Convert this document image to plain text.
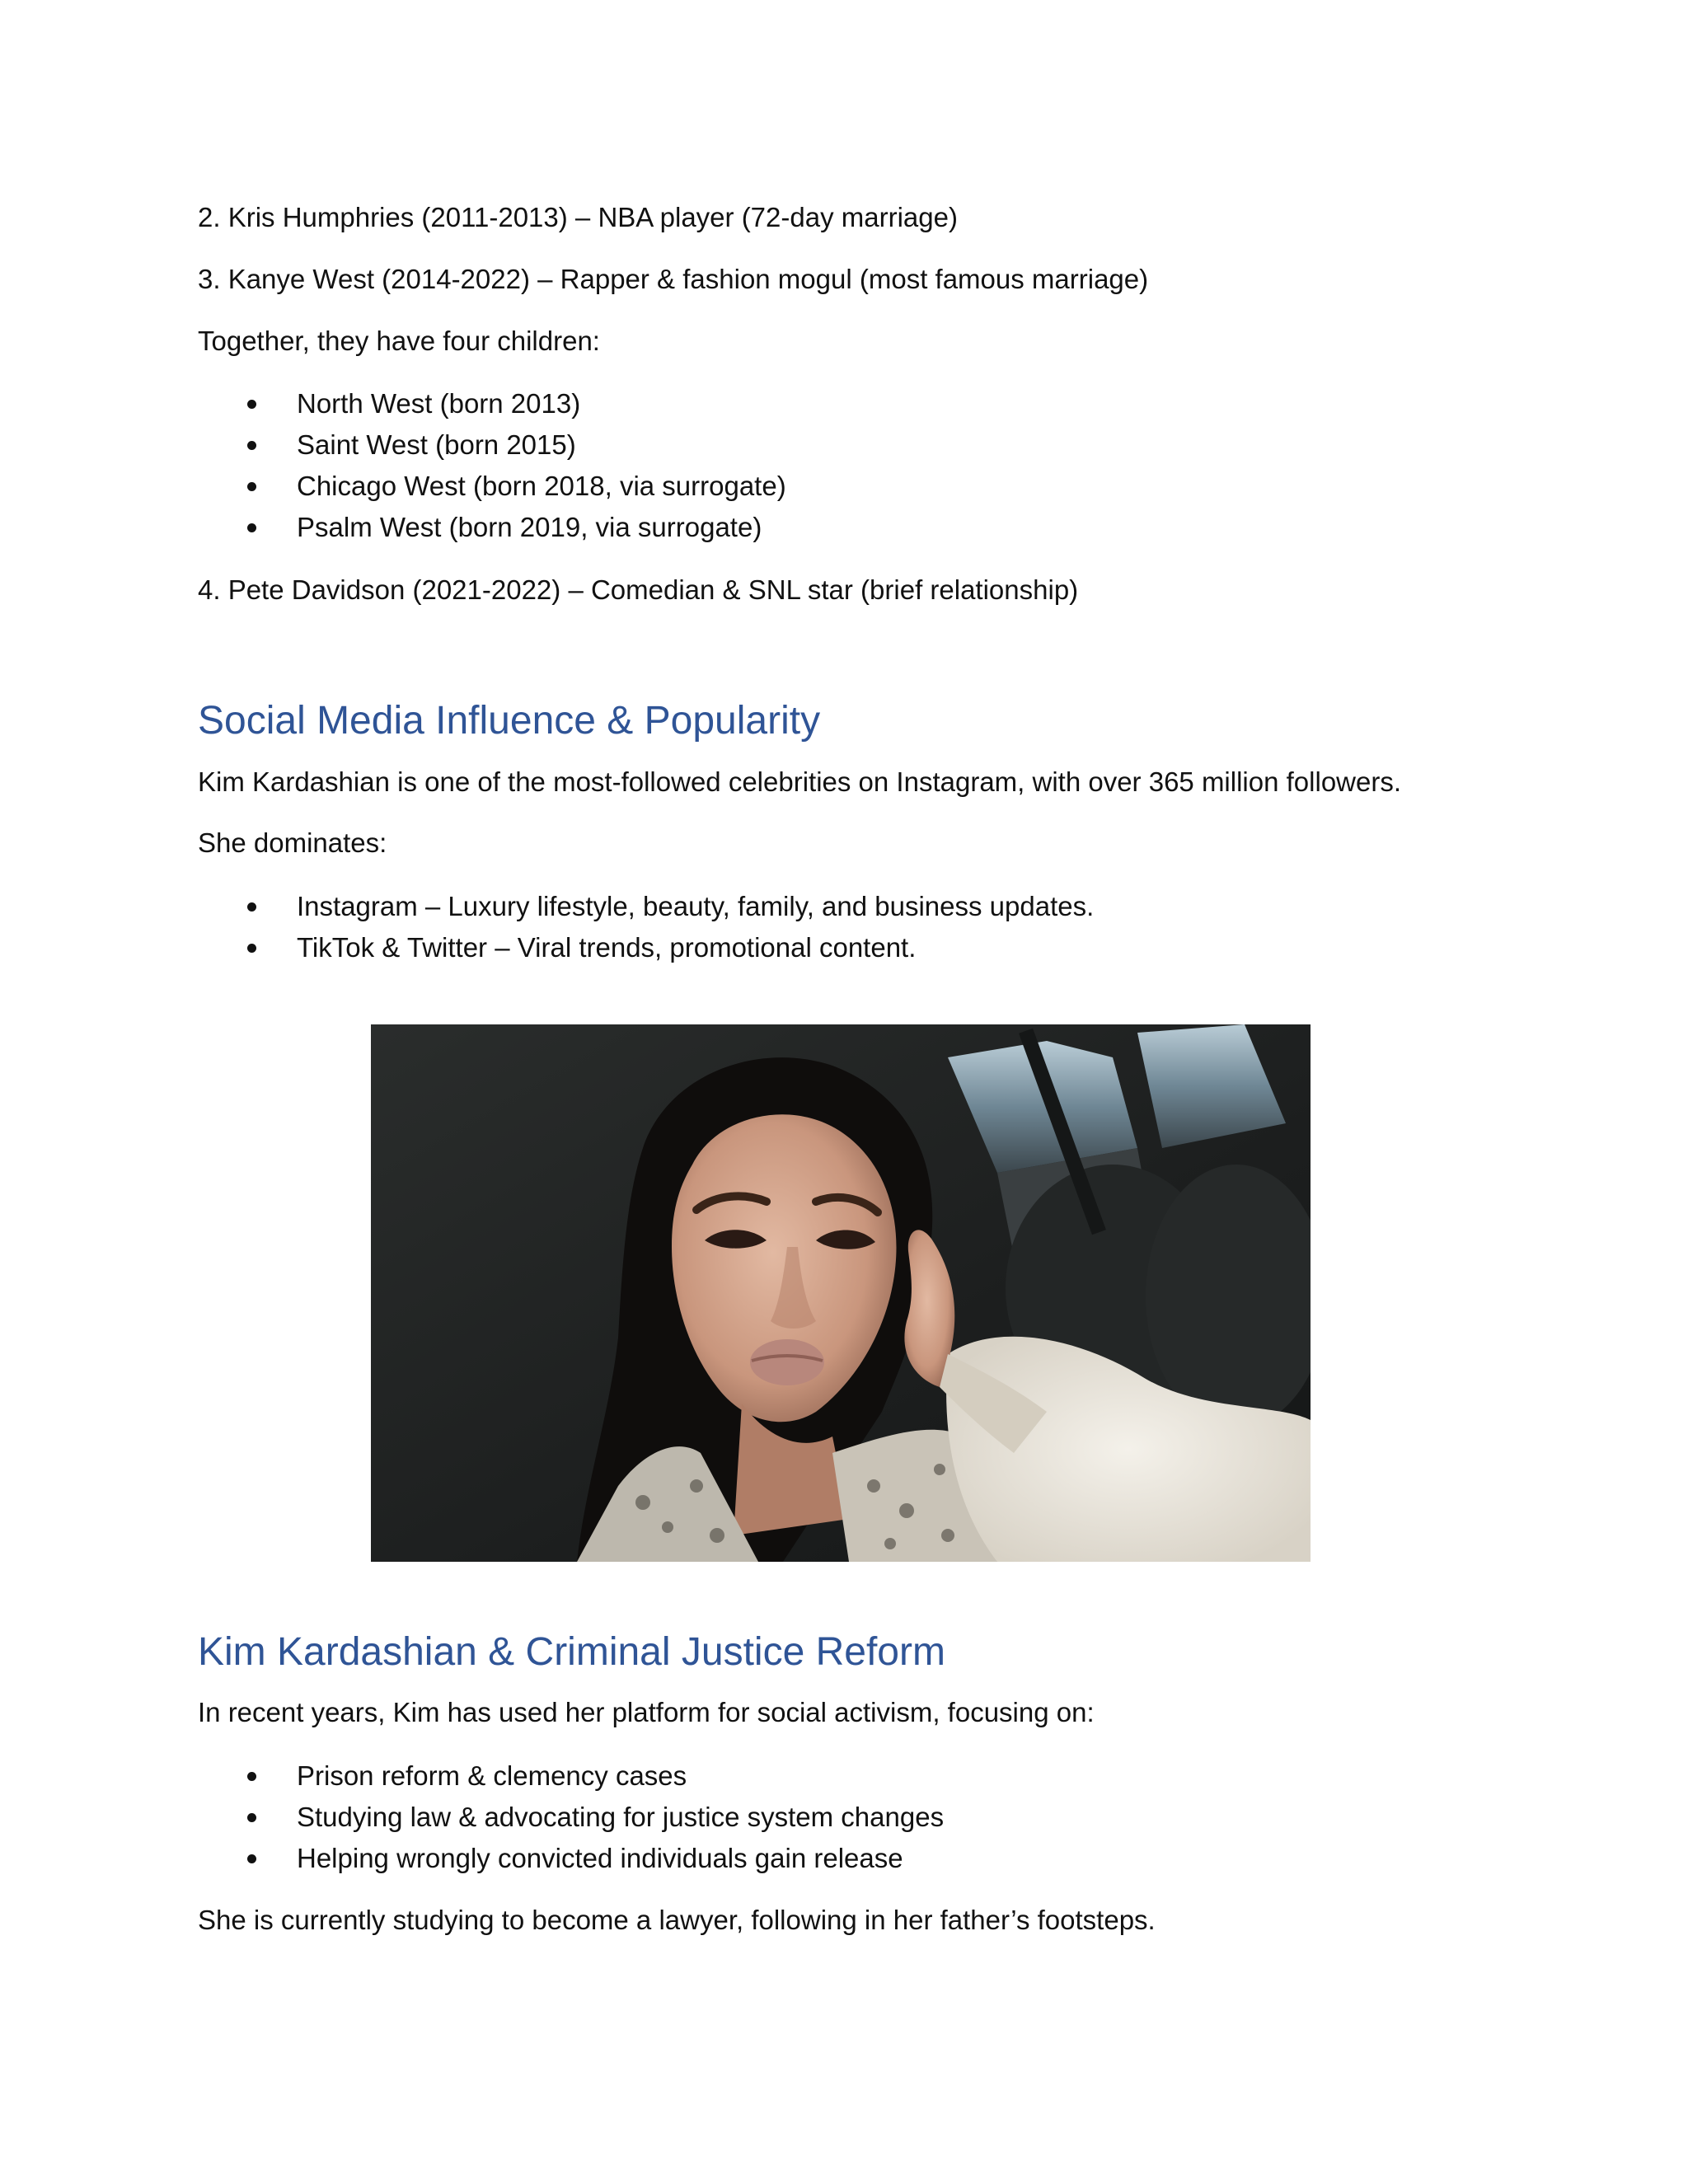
2. Kris Humphries (2011-2013) – NBA player (72-day marriage)

3. Kanye West (2014-2022) – Rapper & fashion mogul (most famous marriage)

Together, they have four children:

North West (born 2013)
Saint West (born 2015)
Chicago West (born 2018, via surrogate)
Psalm West (born 2019, via surrogate)

4. Pete Davidson (2021-2022) – Comedian & SNL star (brief relationship)

Social Media Influence & Popularity

Kim Kardashian is one of the most-followed celebrities on Instagram, with over 365 million followers.

She dominates:

Instagram – Luxury lifestyle, beauty, family, and business updates.
TikTok & Twitter – Viral trends, promotional content.
Kim Kardashian & Criminal Justice Reform

In recent years, Kim has used her platform for social activism, focusing on:

Prison reform & clemency cases
Studying law & advocating for justice system changes
Helping wrongly convicted individuals gain release

She is currently studying to become a lawyer, following in her father’s footsteps.
